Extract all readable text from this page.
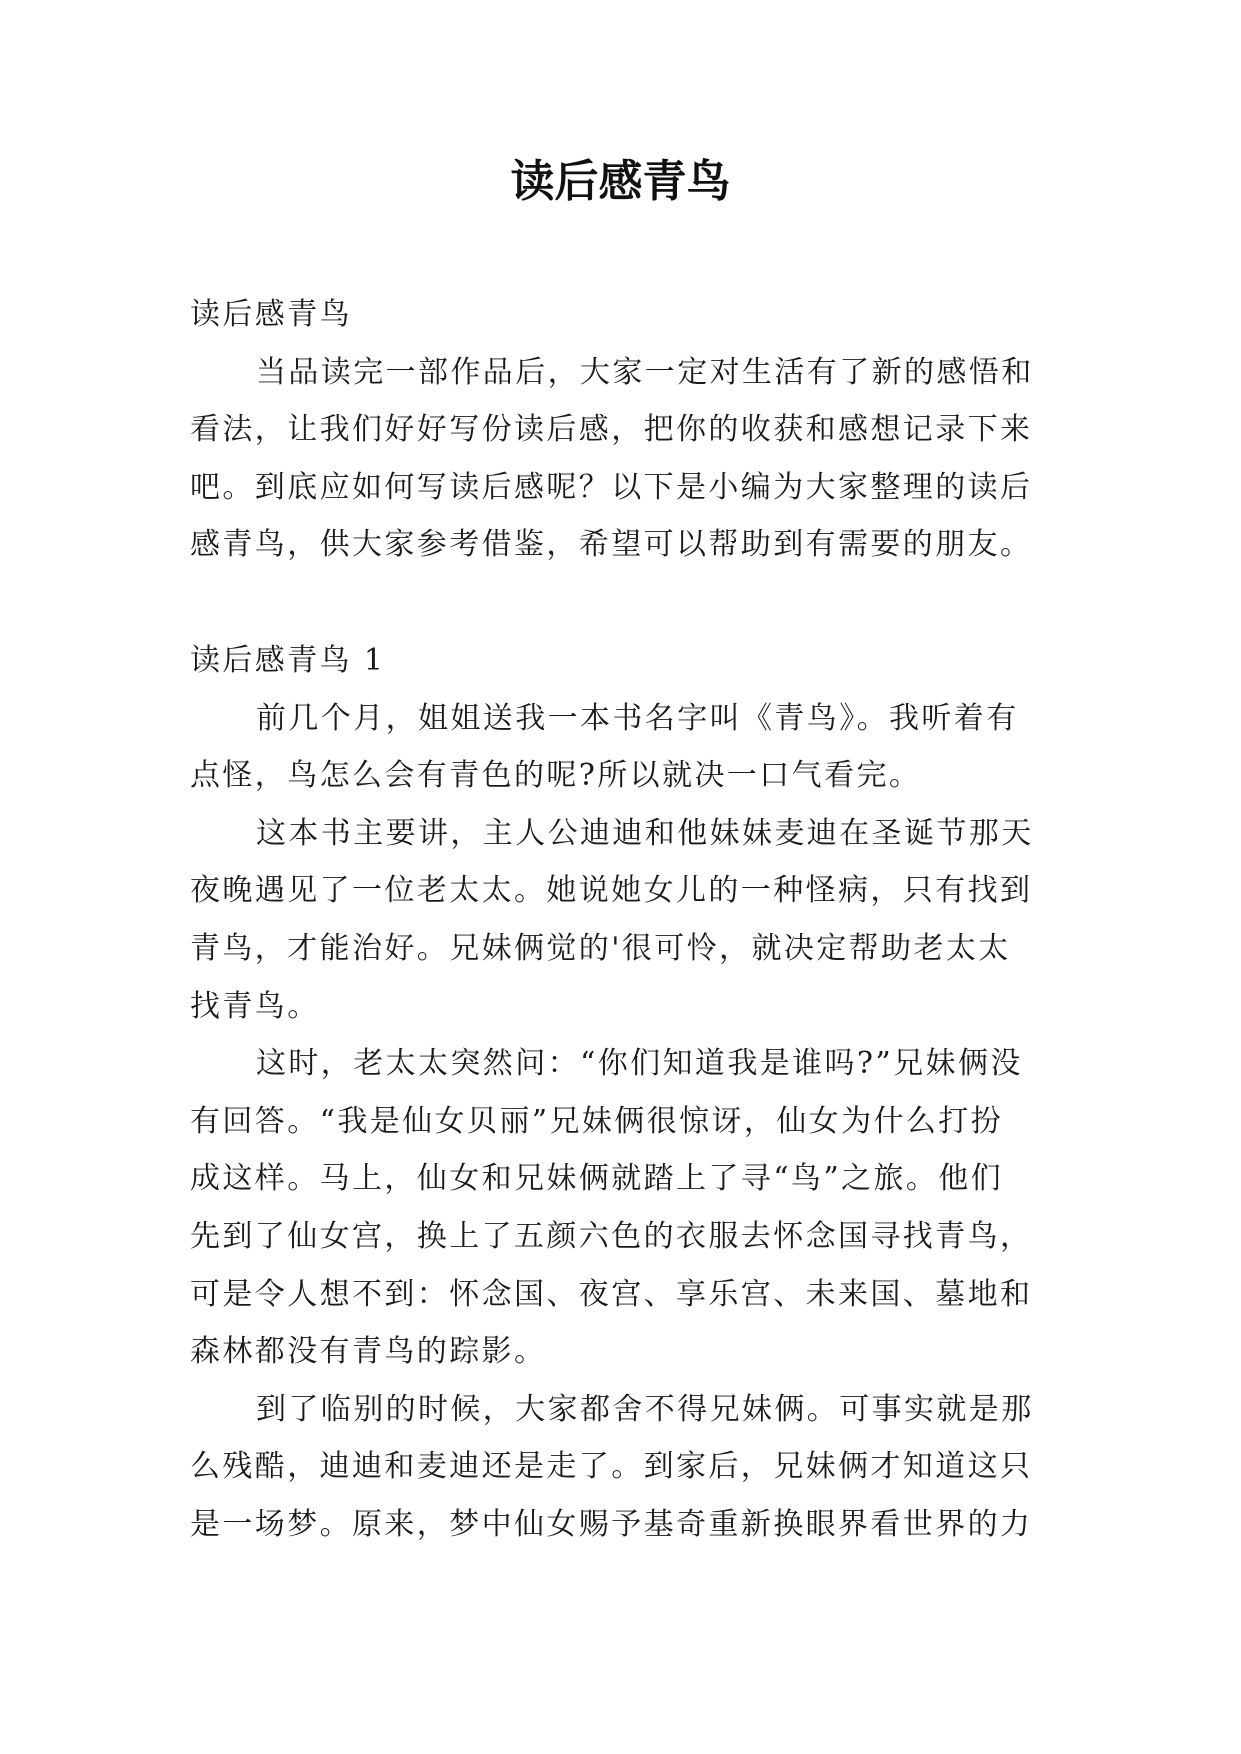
读后感青鸟
读后感青鸟
当品读完一部作品后，大家一定对生活有了新的感悟和
看法，让我们好好写份读后感，把你的收获和感想记录下来
吧。到底应如何写读后感呢？以下是小编为大家整理的读后
感青鸟，供大家参考借鉴，希望可以帮助到有需要的朋友。
读后感青鸟 1
前几个月，姐姐送我一本书名字叫《青鸟》。我听着有
点怪，鸟怎么会有青色的呢?所以就决一口气看完。
这本书主要讲，主人公迪迪和他妹妹麦迪在圣诞节那天
夜晚遇见了一位老太太。她说她女儿的一种怪病，只有找到
青鸟，才能治好。兄妹俩觉的'很可怜，就决定帮助老太太
找青鸟。
这时，老太太突然问：“你们知道我是谁吗?”兄妹俩没
有回答。“我是仙女贝丽”兄妹俩很惊讶，仙女为什么打扮
成这样。马上，仙女和兄妹俩就踏上了寻“鸟”之旅。他们
先到了仙女宫，换上了五颜六色的衣服去怀念国寻找青鸟，
可是令人想不到：怀念国、夜宫、享乐宫、未来国、墓地和
森林都没有青鸟的踪影。
到了临别的时候，大家都舍不得兄妹俩。可事实就是那
么残酷，迪迪和麦迪还是走了。到家后，兄妹俩才知道这只
是一场梦。原来，梦中仙女赐予基奇重新换眼界看世界的力
